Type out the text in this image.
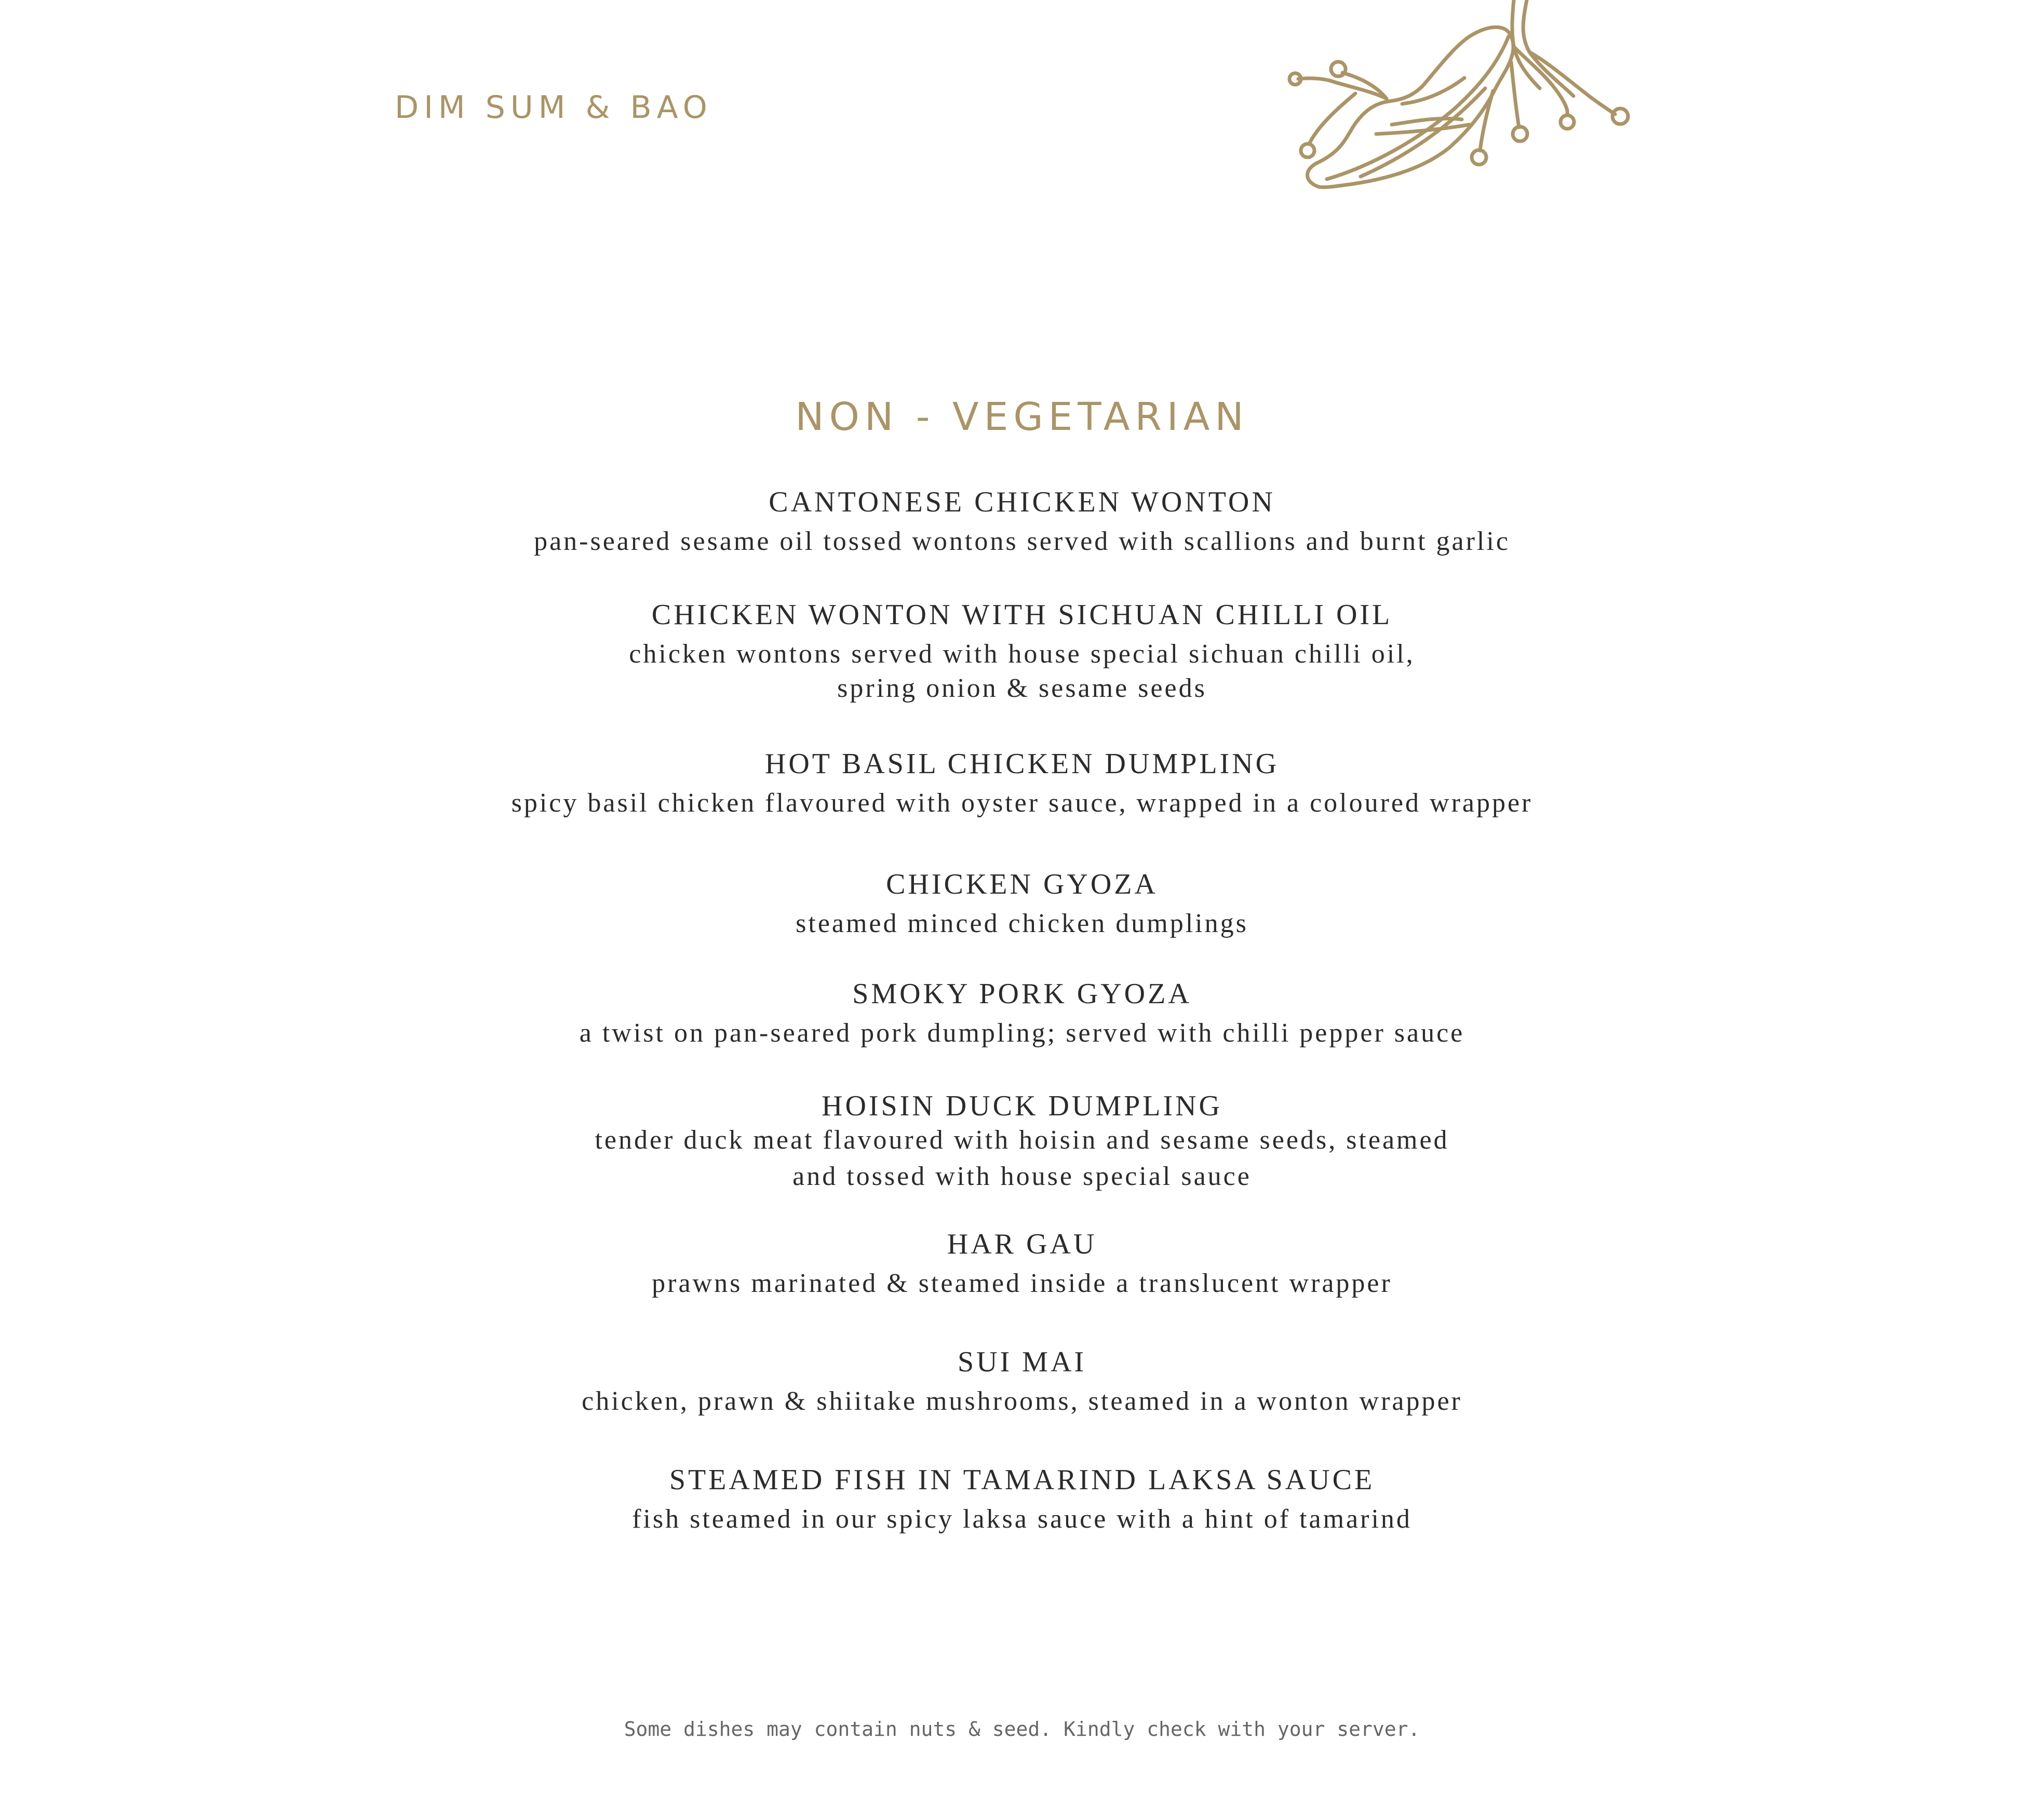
DIM SUM & BAO
NON - VEGETARIAN
CANTONESE CHICKEN WONTON
pan-seared sesame oil tossed wontons served with scallions and burnt garlic
CHICKEN WONTON WITH SICHUAN CHILLI OIL
chicken wontons served with house special sichuan chilli oil,
spring onion & sesame seeds
HOT BASIL CHICKEN DUMPLING
spicy basil chicken flavoured with oyster sauce, wrapped in a coloured wrapper
CHICKEN GYOZA
steamed minced chicken dumplings
SMOKY PORK GYOZA
a twist on pan-seared pork dumpling; served with chilli pepper sauce
HOISIN DUCK DUMPLING
tender duck meat flavoured with hoisin and sesame seeds, steamed
and tossed with house special sauce
HAR GAU
prawns marinated & steamed inside a translucent wrapper
SUI MAI
chicken, prawn & shiitake mushrooms, steamed in a wonton wrapper
STEAMED FISH IN TAMARIND LAKSA SAUCE
fish steamed in our spicy laksa sauce with a hint of tamarind
Some dishes may contain nuts & seed. Kindly check with your server.
